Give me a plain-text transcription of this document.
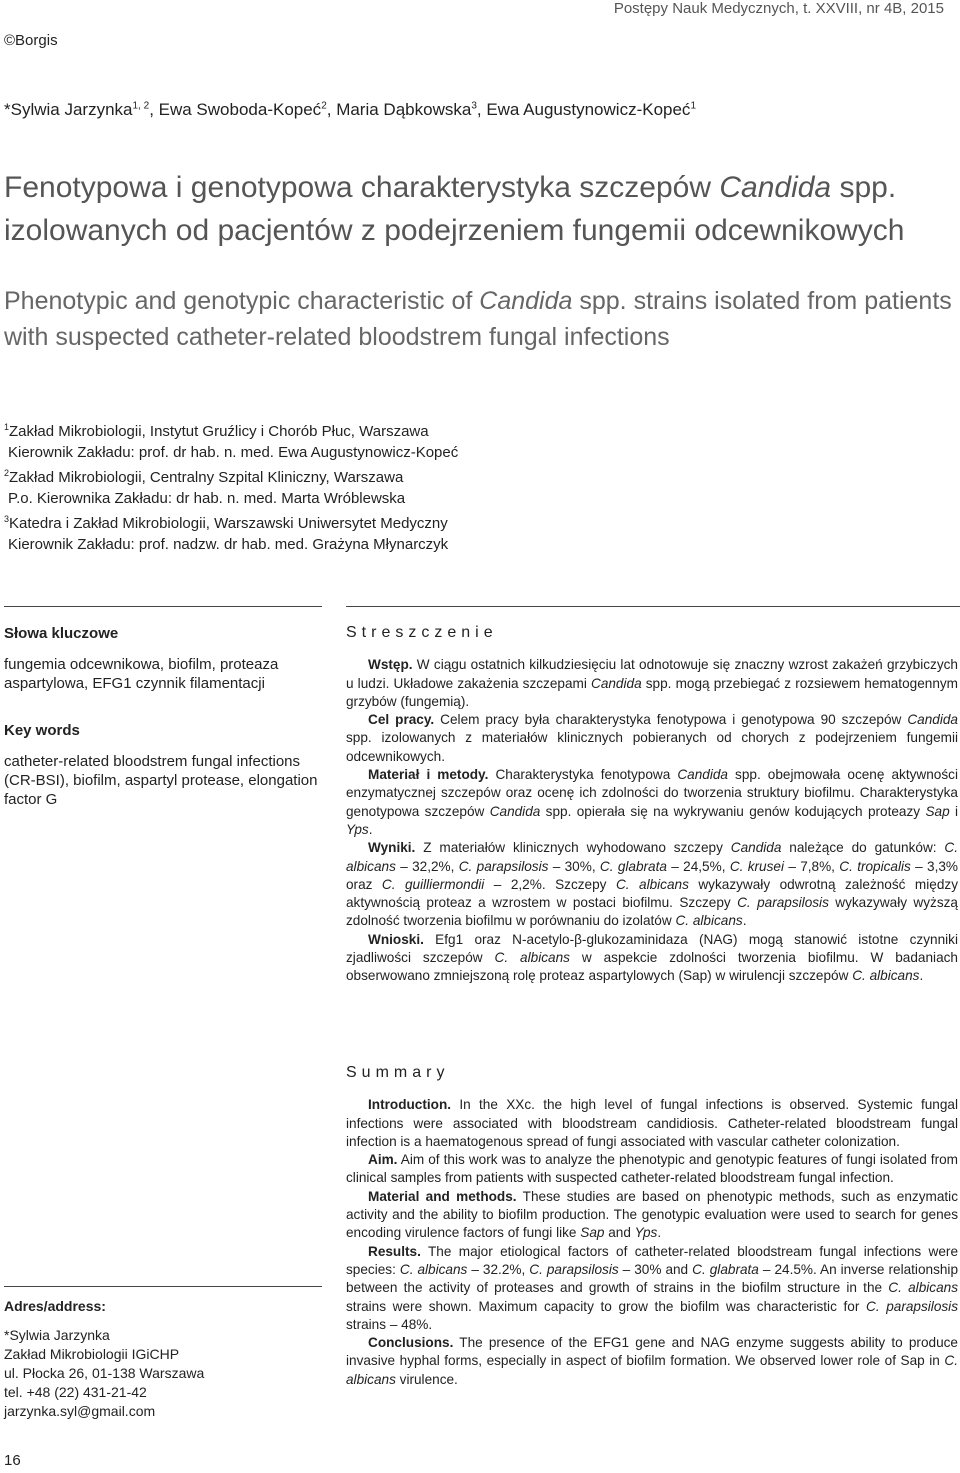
Postępy Nauk Medycznych, t. XXVIII, nr 4B, 2015
©Borgis
*Sylwia Jarzynka$^{1, 2}$, Ewa Swoboda-Kopeć$^2$, Maria Dąbkowska$^3$, Ewa Augustynowicz-Kopeć$^1$
Fenotypowa i genotypowa charakterystyka szczepów Candida spp. izolowanych od pacjentów z podejrzeniem fungemii odcewnikowych
Phenotypic and genotypic characteristic of Candida spp. strains isolated from patients with suspected catheter-related bloodstrem fungal infections
$^1$Zakład Mikrobiologii, Instytut Gruźlicy i Chorób Płuc, Warszawa
Kierownik Zakładu: prof. dr hab. n. med. Ewa Augustynowicz-Kopeć
$^2$Zakład Mikrobiologii, Centralny Szpital Kliniczny, Warszawa
P.o. Kierownika Zakładu: dr hab. n. med. Marta Wróblewska
$^3$Katedra i Zakład Mikrobiologii, Warszawski Uniwersytet Medyczny
Kierownik Zakładu: prof. nadzw. dr hab. med. Grażyna Młynarczyk
Słowa kluczowe

fungemia odcewnikowa, biofilm, proteaza aspartylowa, EFG1 czynnik filamentacji

Key words

catheter-related bloodstrem fungal infections (CR-BSI), biofilm, aspartyl protease, elongation factor G

Streszczenie

Wstęp. W ciągu ostatnich kilkudziesięciu lat odnotowuje się znaczny wzrost zakażeń grzybiczych u ludzi. Układowe zakażenia szczepami Candida spp. mogą przebiegać z rozsiewem hematogennym grzybów (fungemią).

Cel pracy. Celem pracy była charakterystyka fenotypowa i genotypowa 90 szczepów Candida spp. izolowanych z materiałów klinicznych pobieranych od chorych z podejrzeniem fungemii odcewnikowych.

Materiał i metody. Charakterystyka fenotypowa Candida spp. obejmowała ocenę aktywności enzymatycznej szczepów oraz ocenę ich zdolności do tworzenia struktury biofilmu. Charakterystyka genotypowa szczepów Candida spp. opierała się na wykrywaniu genów kodujących proteazy Sap i Yps.

Wyniki. Z materiałów klinicznych wyhodowano szczepy Candida należące do gatunków: C. albicans – 32,2%, C. parapsilosis – 30%, C. glabrata – 24,5%, C. krusei – 7,8%, C. tropicalis – 3,3% oraz C. guilliermondii – 2,2%. Szczepy C. albicans wykazywały odwrotną zależność między aktywnością proteaz a wzrostem w postaci biofilmu. Szczepy C. parapsilosis wykazywały wyższą zdolność tworzenia biofilmu w porównaniu do izolatów C. albicans.

Wnioski. Efg1 oraz N-acetylo-β-glukozaminidaza (NAG) mogą stanowić istotne czynniki zjadliwości szczepów C. albicans w aspekcie zdolności tworzenia biofilmu. W badaniach obserwowano zmniejszoną rolę proteaz aspartylowych (Sap) w wirulencji szczepów C. albicans.

Summary

Introduction. In the XXc. the high level of fungal infections is observed. Systemic fungal infections were associated with bloodstream candidiosis. Catheter-related bloodstream fungal infection is a haematogenous spread of fungi associated with vascular catheter colonization.

Aim. Aim of this work was to analyze the phenotypic and genotypic features of fungi isolated from clinical samples from patients with suspected catheter-related bloodstream fungal infection.

Material and methods. These studies are based on phenotypic methods, such as enzymatic activity and the ability to biofilm production. The genotypic evaluation were used to search for genes encoding virulence factors of fungi like Sap and Yps.

Results. The major etiological factors of catheter-related bloodstream fungal infections were species: C. albicans – 32.2%, C. parapsilosis – 30% and C. glabrata – 24.5%. An inverse relationship between the activity of proteases and growth of strains in the biofilm structure in the C. albicans strains were shown. Maximum capacity to grow the biofilm was characteristic for C. parapsilosis strains – 48%.

Conclusions. The presence of the EFG1 gene and NAG enzyme suggests ability to produce invasive hyphal forms, especially in aspect of biofilm formation. We observed lower role of Sap in C. albicans virulence.

Adres/address:
*Sylwia Jarzynka
Zakład Mikrobiologii IGiCHP
ul. Płocka 26, 01-138 Warszawa
tel. +48 (22) 431-21-42
jarzynka.syl@gmail.com
16
